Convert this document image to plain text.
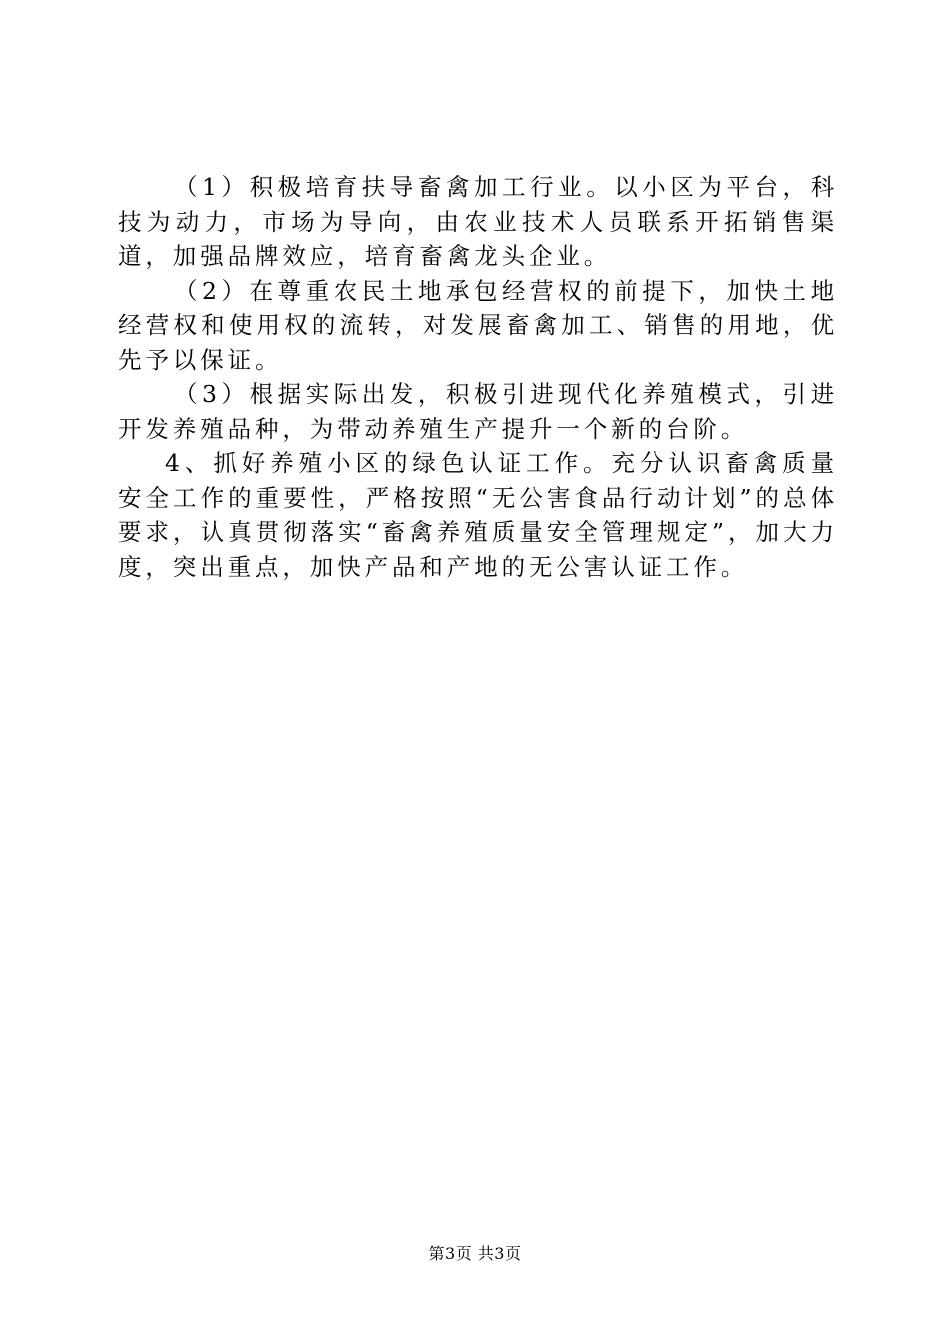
（1）积极培育扶导畜禽加工行业。以小区为平台，科技为动力，市场为导向，由农业技术人员联系开拓销售渠道，加强品牌效应，培育畜禽龙头企业。

（2）在尊重农民土地承包经营权的前提下，加快土地经营权和使用权的流转，对发展畜禽加工、销售的用地，优先予以保证。

（3）根据实际出发，积极引进现代化养殖模式，引进开发养殖品种，为带动养殖生产提升一个新的台阶。

4、抓好养殖小区的绿色认证工作。充分认识畜禽质量安全工作的重要性，严格按照“无公害食品行动计划”的总体要求，认真贯彻落实“畜禽养殖质量安全管理规定”，加大力度，突出重点，加快产品和产地的无公害认证工作。

第3页 共3页
